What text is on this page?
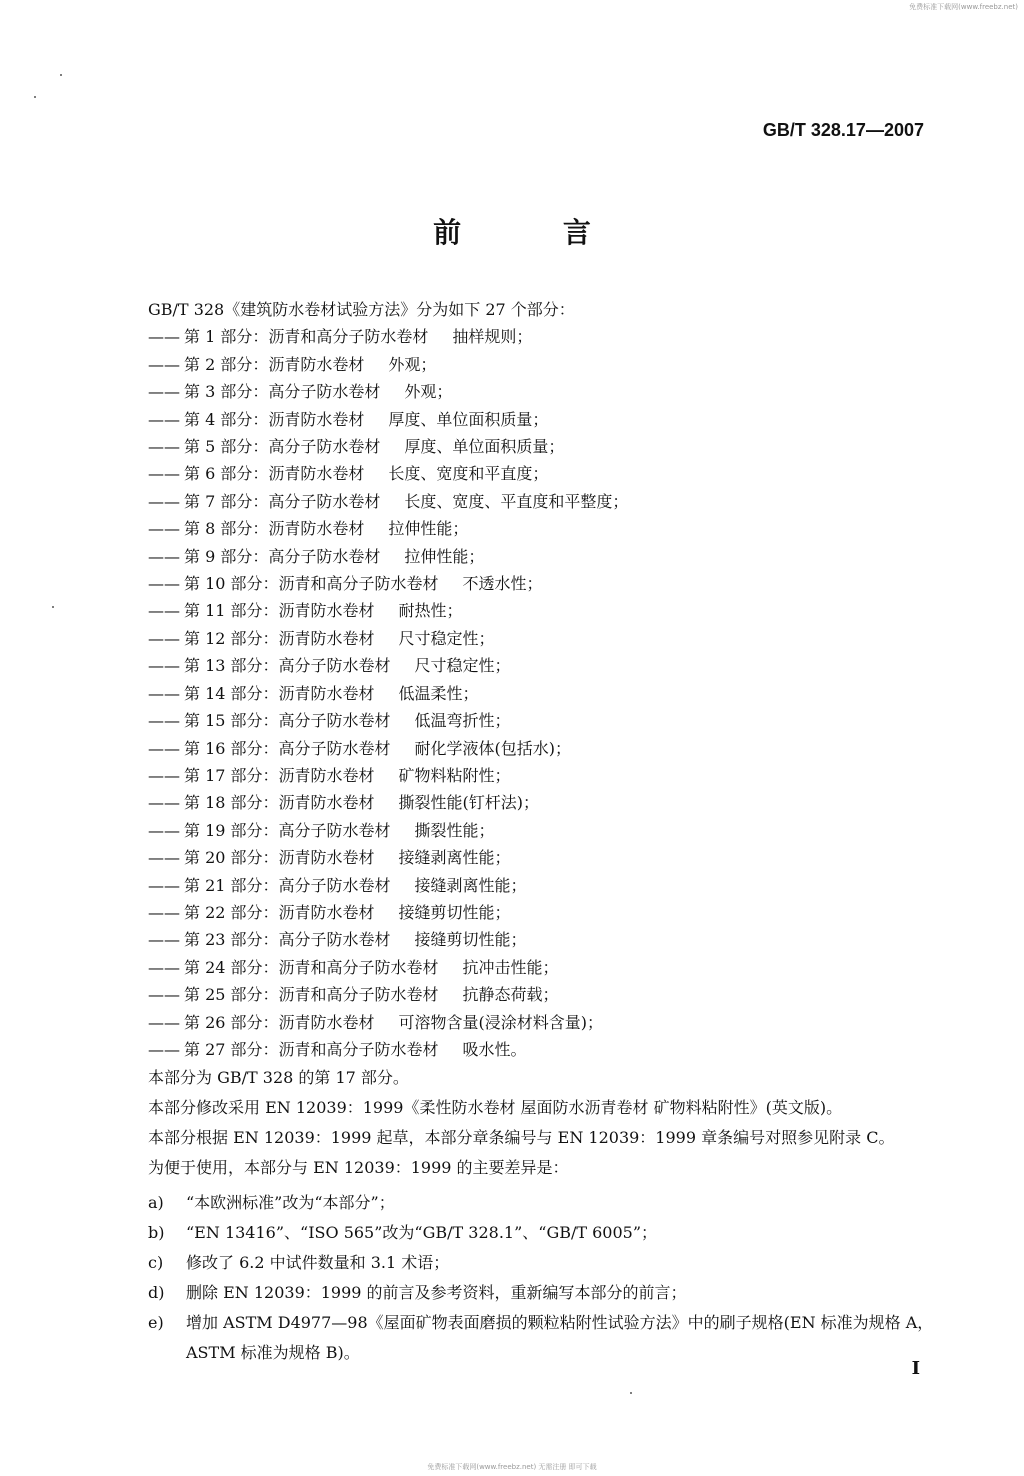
免费标准下载网(www.freebz.net)
GB/T 328.17—2007
前 言
GB/T 328《建筑防水卷材试验方法》分为如下 27 个部分：
—— 第 1 部分：沥青和高分子防水卷材 抽样规则；
—— 第 2 部分：沥青防水卷材 外观；
—— 第 3 部分：高分子防水卷材 外观；
—— 第 4 部分：沥青防水卷材 厚度、单位面积质量；
—— 第 5 部分：高分子防水卷材 厚度、单位面积质量；
—— 第 6 部分：沥青防水卷材 长度、宽度和平直度；
—— 第 7 部分：高分子防水卷材 长度、宽度、平直度和平整度；
—— 第 8 部分：沥青防水卷材 拉伸性能；
—— 第 9 部分：高分子防水卷材 拉伸性能；
—— 第 10 部分：沥青和高分子防水卷材 不透水性；
—— 第 11 部分：沥青防水卷材 耐热性；
—— 第 12 部分：沥青防水卷材 尺寸稳定性；
—— 第 13 部分：高分子防水卷材 尺寸稳定性；
—— 第 14 部分：沥青防水卷材 低温柔性；
—— 第 15 部分：高分子防水卷材 低温弯折性；
—— 第 16 部分：高分子防水卷材 耐化学液体(包括水)；
—— 第 17 部分：沥青防水卷材 矿物料粘附性；
—— 第 18 部分：沥青防水卷材 撕裂性能(钉杆法)；
—— 第 19 部分：高分子防水卷材 撕裂性能；
—— 第 20 部分：沥青防水卷材 接缝剥离性能；
—— 第 21 部分：高分子防水卷材 接缝剥离性能；
—— 第 22 部分：沥青防水卷材 接缝剪切性能；
—— 第 23 部分：高分子防水卷材 接缝剪切性能；
—— 第 24 部分：沥青和高分子防水卷材 抗冲击性能；
—— 第 25 部分：沥青和高分子防水卷材 抗静态荷载；
—— 第 26 部分：沥青防水卷材 可溶物含量(浸涂材料含量)；
—— 第 27 部分：沥青和高分子防水卷材 吸水性。
本部分为 GB/T 328 的第 17 部分。
本部分修改采用 EN 12039：1999《柔性防水卷材 屋面防水沥青卷材 矿物料粘附性》(英文版)。
本部分根据 EN 12039：1999 起草，本部分章条编号与 EN 12039：1999 章条编号对照参见附录 C。
为便于使用，本部分与 EN 12039：1999 的主要差异是：
a)	“本欧洲标准”改为“本部分”；
b)	“EN 13416”、“ISO 565”改为“GB/T 328.1”、“GB/T 6005”；
c)	修改了 6.2 中试件数量和 3.1 术语；
d)	删除 EN 12039：1999 的前言及参考资料，重新编写本部分的前言；
e)	增加 ASTM D4977—98《屋面矿物表面磨损的颗粒粘附性试验方法》中的刷子规格(EN 标准为规格 A，ASTM 标准为规格 B)。
I
免费标准下载网(www.freebz.net) 无需注册 即可下载
